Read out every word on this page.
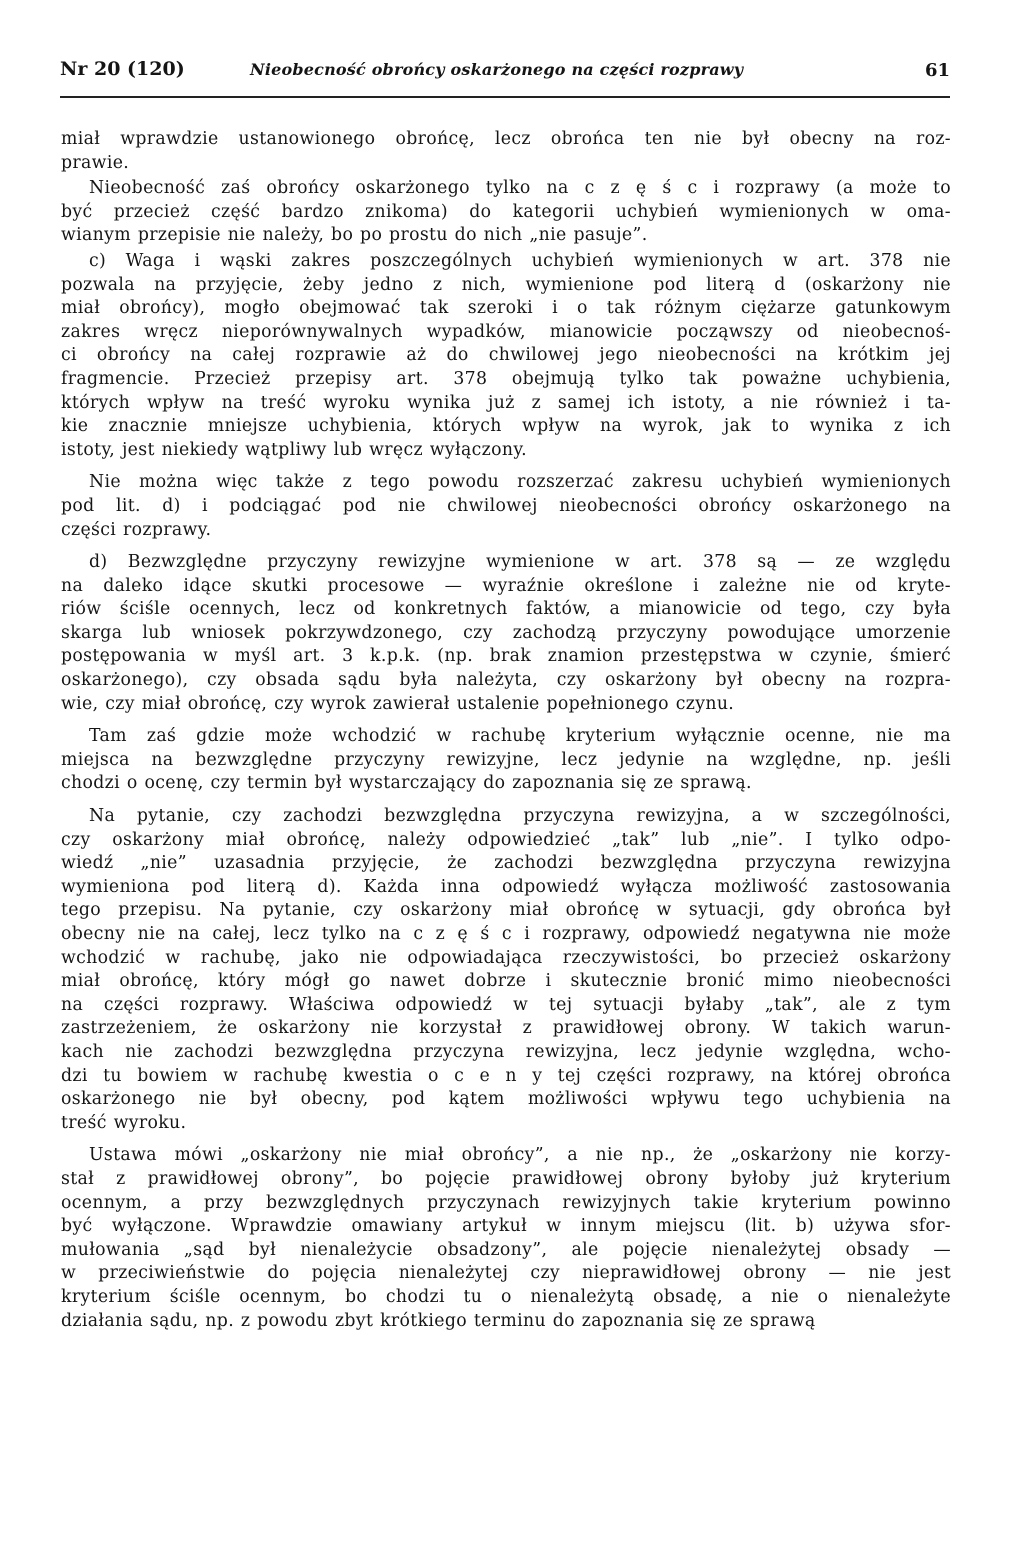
Nr 20 (120)	Nieobecność obrońcy oskarżonego na części rozprawy	61
miał wprawdzie ustanowionego obrońcę, lecz obrońca ten nie był obecny na roz-
prawie.
Nieobecność zaś obrońcy oskarżonego tylko na c z ę ś c i rozprawy (a może to
być przecież część bardzo znikoma) do kategorii uchybień wymienionych w oma-
wianym przepisie nie należy, bo po prostu do nich „nie pasuje”.
c) Waga i wąski zakres poszczególnych uchybień wymienionych w art. 378 nie
pozwala na przyjęcie, żeby jedno z nich, wymienione pod literą d (oskarżony nie
miał obrońcy), mogło obejmować tak szeroki i o tak różnym ciężarze gatunkowym
zakres wręcz nieporównywalnych wypadków, mianowicie począwszy od nieobecnoś-
ci obrońcy na całej rozprawie aż do chwilowej jego nieobecności na krótkim jej
fragmencie. Przecież przepisy art. 378 obejmują tylko tak poważne uchybienia,
których wpływ na treść wyroku wynika już z samej ich istoty, a nie również i ta-
kie znacznie mniejsze uchybienia, których wpływ na wyrok, jak to wynika z ich
istoty, jest niekiedy wątpliwy lub wręcz wyłączony.
Nie można więc także z tego powodu rozszerzać zakresu uchybień wymienionych
pod lit. d) i podciągać pod nie chwilowej nieobecności obrońcy oskarżonego na
części rozprawy.
d) Bezwzględne przyczyny rewizyjne wymienione w art. 378 są — ze względu
na daleko idące skutki procesowe — wyraźnie określone i zależne nie od kryte-
riów ściśle ocennych, lecz od konkretnych faktów, a mianowicie od tego, czy była
skarga lub wniosek pokrzywdzonego, czy zachodzą przyczyny powodujące umorzenie
postępowania w myśl art. 3 k.p.k. (np. brak znamion przestępstwa w czynie, śmierć
oskarżonego), czy obsada sądu była należyta, czy oskarżony był obecny na rozpra-
wie, czy miał obrońcę, czy wyrok zawierał ustalenie popełnionego czynu.
Tam zaś gdzie może wchodzić w rachubę kryterium wyłącznie ocenne, nie ma
miejsca na bezwzględne przyczyny rewizyjne, lecz jedynie na względne, np. jeśli
chodzi o ocenę, czy termin był wystarczający do zapoznania się ze sprawą.
Na pytanie, czy zachodzi bezwzględna przyczyna rewizyjna, a w szczególności,
czy oskarżony miał obrońcę, należy odpowiedzieć „tak” lub „nie”. I tylko odpo-
wiedź „nie” uzasadnia przyjęcie, że zachodzi bezwzględna przyczyna rewizyjna
wymieniona pod literą d). Każda inna odpowiedź wyłącza możliwość zastosowania
tego przepisu. Na pytanie, czy oskarżony miał obrońcę w sytuacji, gdy obrońca był
obecny nie na całej, lecz tylko na c z ę ś c i rozprawy, odpowiedź negatywna nie może
wchodzić w rachubę, jako nie odpowiadająca rzeczywistości, bo przecież oskarżony
miał obrońcę, który mógł go nawet dobrze i skutecznie bronić mimo nieobecności
na części rozprawy. Właściwa odpowiedź w tej sytuacji byłaby „tak”, ale z tym
zastrzeżeniem, że oskarżony nie korzystał z prawidłowej obrony. W takich warun-
kach nie zachodzi bezwzględna przyczyna rewizyjna, lecz jedynie względna, wcho-
dzi tu bowiem w rachubę kwestia o c e n y tej części rozprawy, na której obrońca
oskarżonego nie był obecny, pod kątem możliwości wpływu tego uchybienia na
treść wyroku.
Ustawa mówi „oskarżony nie miał obrońcy”, a nie np., że „oskarżony nie korzy-
stał z prawidłowej obrony”, bo pojęcie prawidłowej obrony byłoby już kryterium
ocennym, a przy bezwzględnych przyczynach rewizyjnych takie kryterium powinno
być wyłączone. Wprawdzie omawiany artykuł w innym miejscu (lit. b) używa sfor-
mułowania „sąd był nienależycie obsadzony”, ale pojęcie nienależytej obsady —
w przeciwieństwie do pojęcia nienależytej czy nieprawidłowej obrony — nie jest
kryterium ściśle ocennym, bo chodzi tu o nienależytą obsadę, a nie o nienależyte
działania sądu, np. z powodu zbyt krótkiego terminu do zapoznania się ze sprawą
